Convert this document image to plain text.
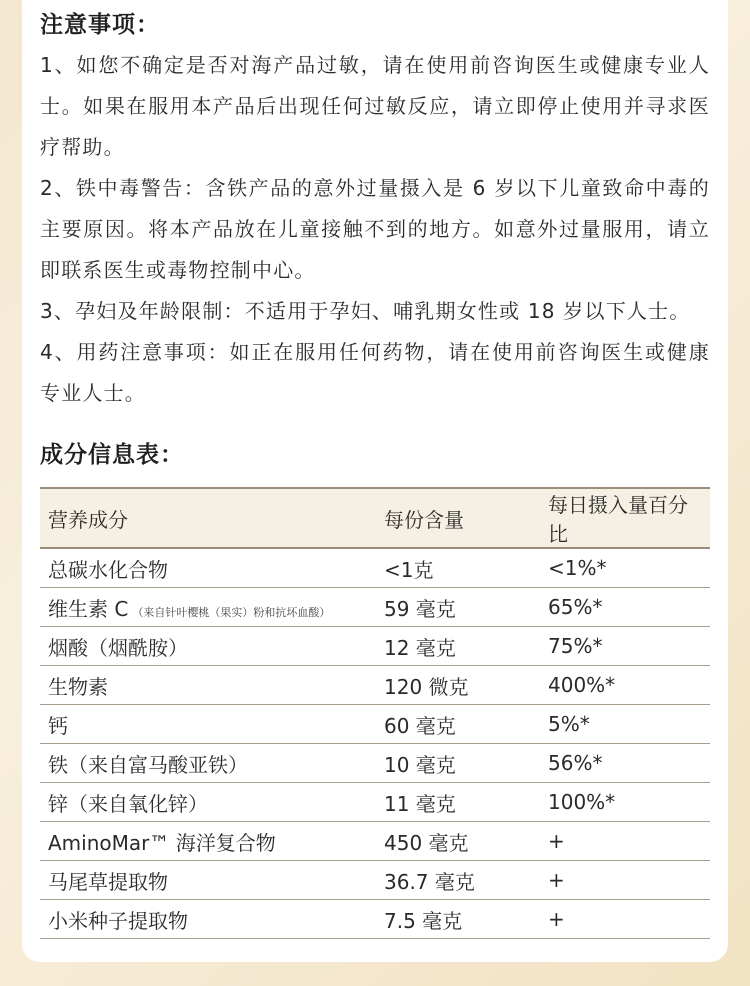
注意事项：

1、如您不确定是否对海产品过敏，请在使用前咨询医生或健康专业人士。如果在服用本产品后出现任何过敏反应，请立即停止使用并寻求医疗帮助。

2、铁中毒警告：含铁产品的意外过量摄入是 6 岁以下儿童致命中毒的主要原因。将本产品放在儿童接触不到的地方。如意外过量服用，请立即联系医生或毒物控制中心。

3、孕妇及年龄限制：不适用于孕妇、哺乳期女性或 18 岁以下人士。

4、用药注意事项：如正在服用任何药物，请在使用前咨询医生或健康专业人士。

成分信息表：
营养成分	每份含量	每日摄入量百分比
总碳水化合物	<1克	<1%*
维生素 C （来自针叶樱桃（果实）粉和抗坏血酸）	59 毫克	65%*
烟酸（烟酰胺）	12 毫克	75%*
生物素	120 微克	400%*
钙	60 毫克	5%*
铁（来自富马酸亚铁）	10 毫克	56%*
锌（来自氧化锌）	11 毫克	100%*
AminoMar™ 海洋复合物	450 毫克	+
马尾草提取物	36.7 毫克	+
小米种子提取物	7.5 毫克	+
